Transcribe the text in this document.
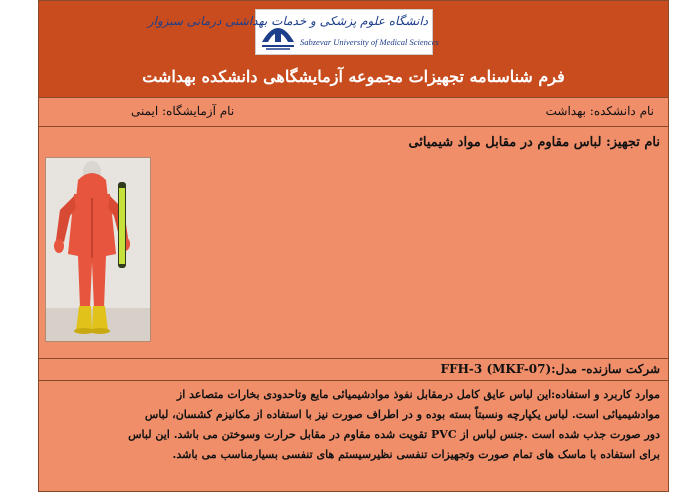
دانشگاه علوم پزشکی و خدمات بهداشتی درمانی سبزوار
Sabzevar University of Medical Sciences
فرم شناسنامه تجهیزات مجموعه آزمایشگاهی دانشکده بهداشت
نام دانشکده: بهداشت
نام آزمایشگاه: ایمنی
نام تجهیز: لباس مقاوم در مقابل مواد شیمیائی
شرکت سازنده- مدل:(MKF-07) FFH-3
موارد کاربرد و استفاده:این لباس عایق کامل درمقابل نفوذ موادشیمیائی مایع وتاحدودی بخارات متصاعد از
موادشیمیائی است. لباس یکپارچه ونسبتاً بسته بوده و در اطراف صورت نیز با استفاده از مکانیزم کشسان، لباس
دور صورت جذب شده است .جنس لباس از PVC تقویت شده مقاوم در مقابل حرارت وسوختن می باشد. این لباس
برای استفاده با ماسک های تمام صورت وتجهیزات تنفسی نظیرسیستم های تنفسی بسیارمناسب می باشد.
